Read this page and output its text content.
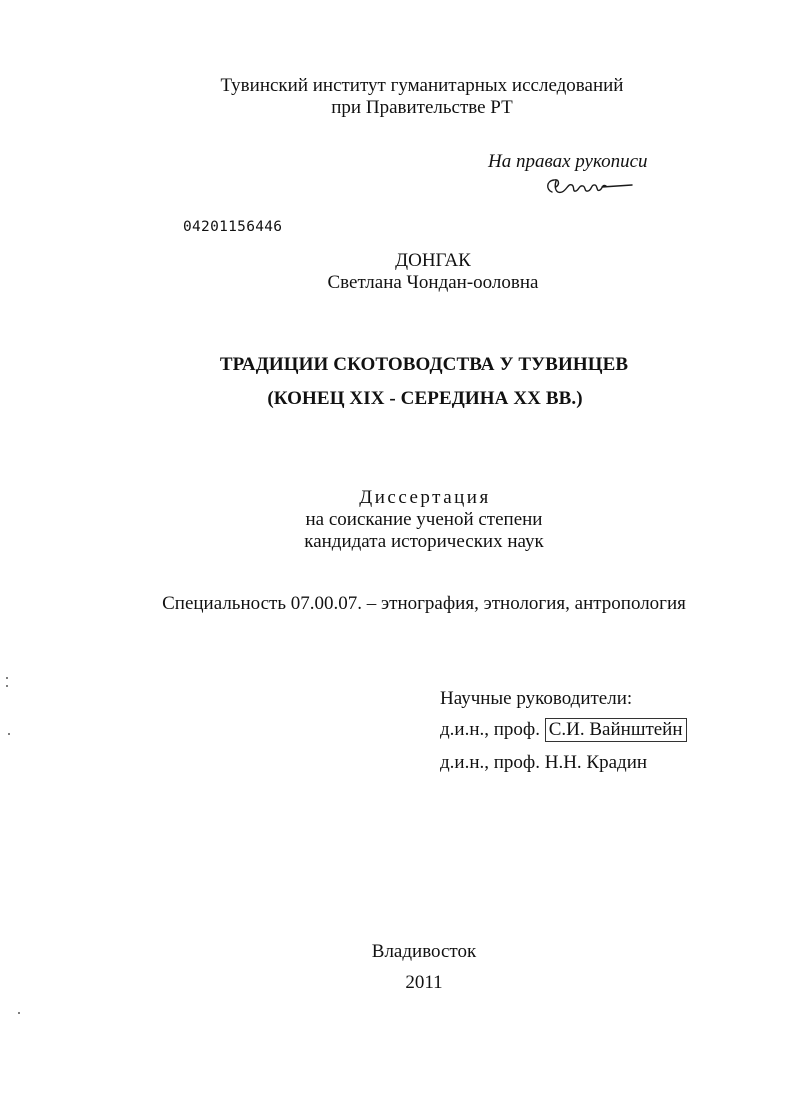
Тувинский институт гуманитарных исследований
при Правительстве РТ
На правах рукописи
04201156446
ДОНГАК
Светлана Чондан-ооловна
ТРАДИЦИИ СКОТОВОДСТВА У ТУВИНЦЕВ
(КОНЕЦ XIX - СЕРЕДИНА XX ВВ.)
Диссертация
на соискание ученой степени
кандидата исторических наук
Специальность 07.00.07. – этнография, этнология, антропология
Научные руководители:
д.и.н., проф. С.И. Вайнштейн
д.и.н., проф. Н.Н. Крадин
Владивосток
2011
